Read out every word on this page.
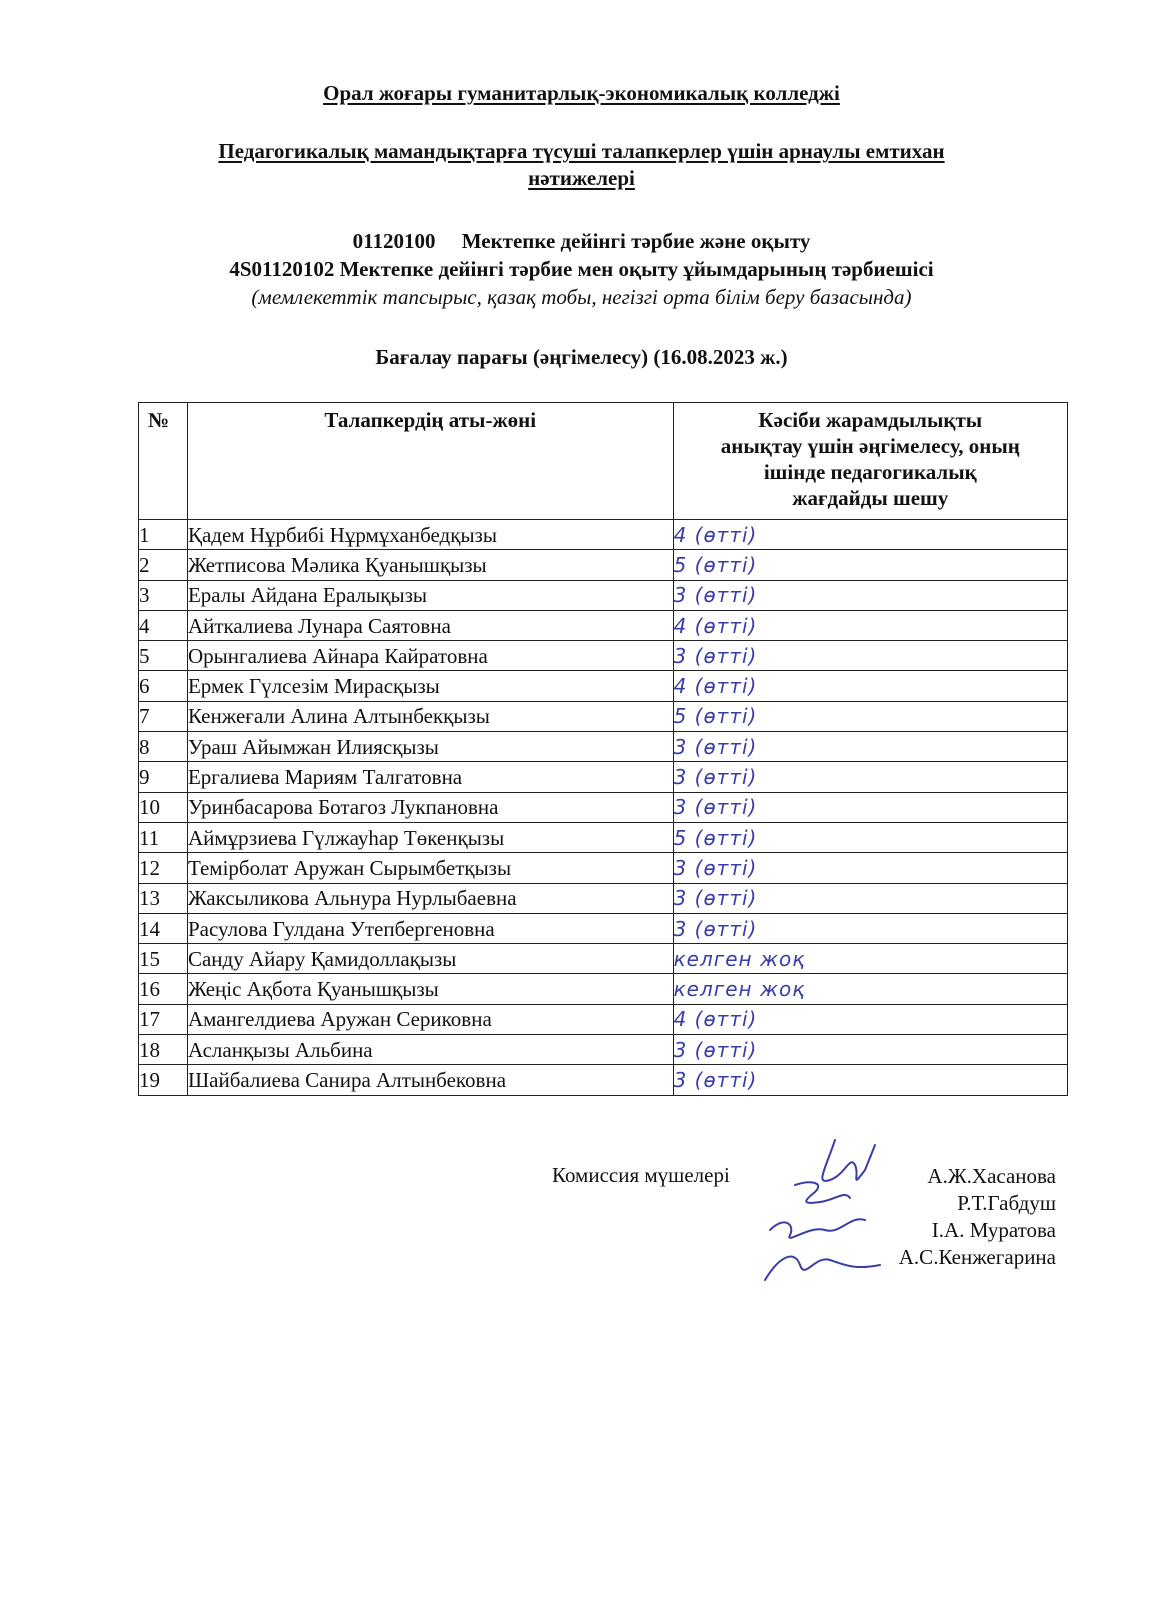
Орал жоғары гуманитарлық-экономикалық колледжі
Педагогикалық мамандықтарға түсуші талапкерлер үшін арнаулы емтихан
нәтижелері
01120100     Мектепке дейінгі тәрбие және оқыту
4S01120102 Мектепке дейінгі тәрбие мен оқыту ұйымдарының тәрбиешісі
(мемлекеттік тапсырыс, қазақ тобы, негізгі орта білім беру базасында)
Бағалау парағы (әңгімелесу) (16.08.2023 ж.)
№	Талапкердің аты-жөні	Кәсіби жарамдылықты
анықтау үшін әңгімелесу, оның
ішінде педагогикалық
жағдайды шешу

1	Қадем Нұрбибі Нұрмұханбедқызы	4 (өтті)
2	Жетписова Мәлика Қуанышқызы	5 (өтті)
3	Ералы Айдана Ералықызы	3 (өтті)
4	Айткалиева Лунара Саятовна	4 (өтті)
5	Орынгалиева Айнара Кайратовна	3 (өтті)
6	Ермек Гүлсезім Мирасқызы	4 (өтті)
7	Кенжеғали Алина Алтынбекқызы	5 (өтті)
8	Ураш Айымжан Илиясқызы	3 (өтті)
9	Ергалиева Мариям Талгатовна	3 (өтті)
10	Уринбасарова Ботагоз Лукпановна	3 (өтті)
11	Аймұрзиева Гүлжауһар Төкенқызы	5 (өтті)
12	Темірболат Аружан Сырымбетқызы	3 (өтті)
13	Жаксыликова Альнура Нурлыбаевна	3 (өтті)
14	Расулова Гулдана Утепбергеновна	3 (өтті)
15	Санду Айару Қамидоллақызы	келген жоқ
16	Жеңіс Ақбота Қуанышқызы	келген жоқ
17	Амангелдиева Аружан Сериковна	4 (өтті)
18	Асланқызы Альбина	3 (өтті)
19	Шайбалиева Санира Алтынбековна	3 (өтті)
Комиссия мүшелері	А.Ж.Хасанова
Р.Т.Габдуш
І.А. Муратова
А.С.Кенжегарина
